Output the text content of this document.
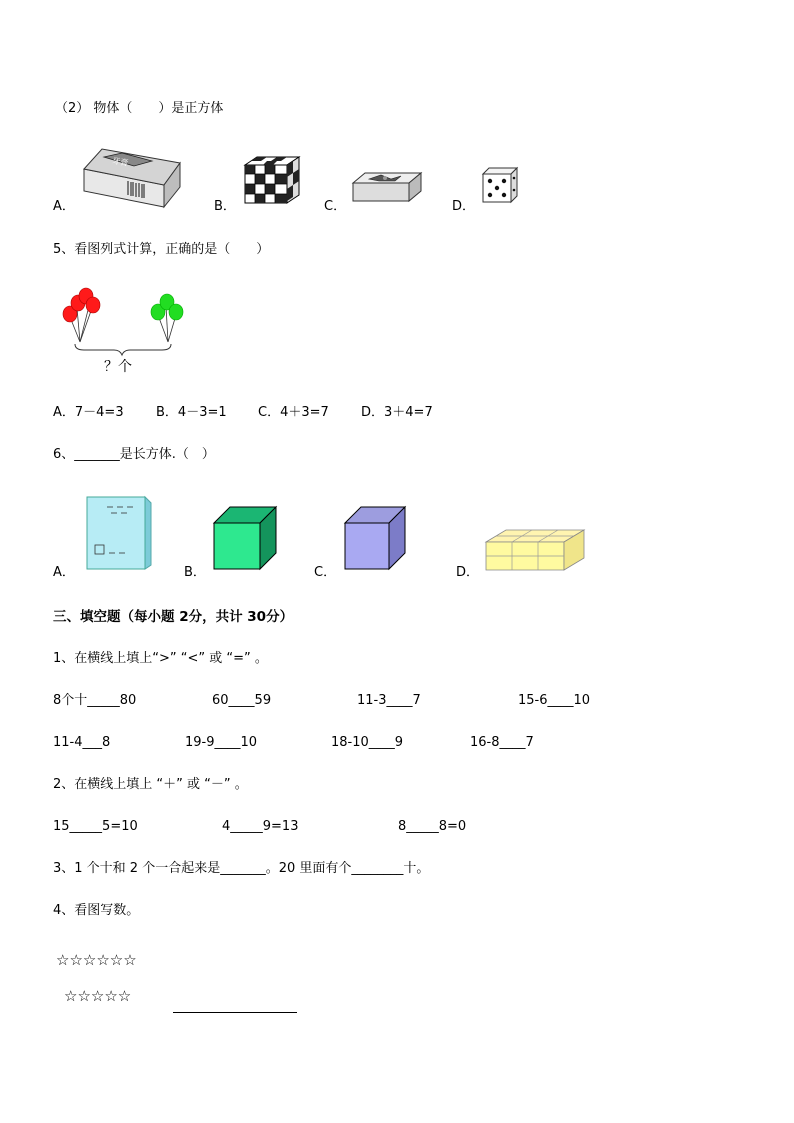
（2） 物体（　　）是正方体
A．
牙膏
B．	C．	D．
5、看图列式计算，正确的是（　　）
？个
A．7－4=3 B．4－3=1 C．4＋3=7 D．3＋4=7
6、_______是长方体.（　）
A．	B．	C．	D．
三、填空题（每小题 2分，共计 30分）
1、在横线上填上“>” “<” 或 “=” 。
8个十_____80	60____59	11-3____7	15-6____10
11-4___8	19-9____10	18-10____9	16-8____7
2、在横线上填上 “＋” 或 “－” 。
15_____5=10	4_____9=13	8_____8=0
3、1 个十和 2 个一合起来是_______。20 里面有个________十。
4、看图写数。
☆☆☆☆☆☆
☆☆☆☆☆
